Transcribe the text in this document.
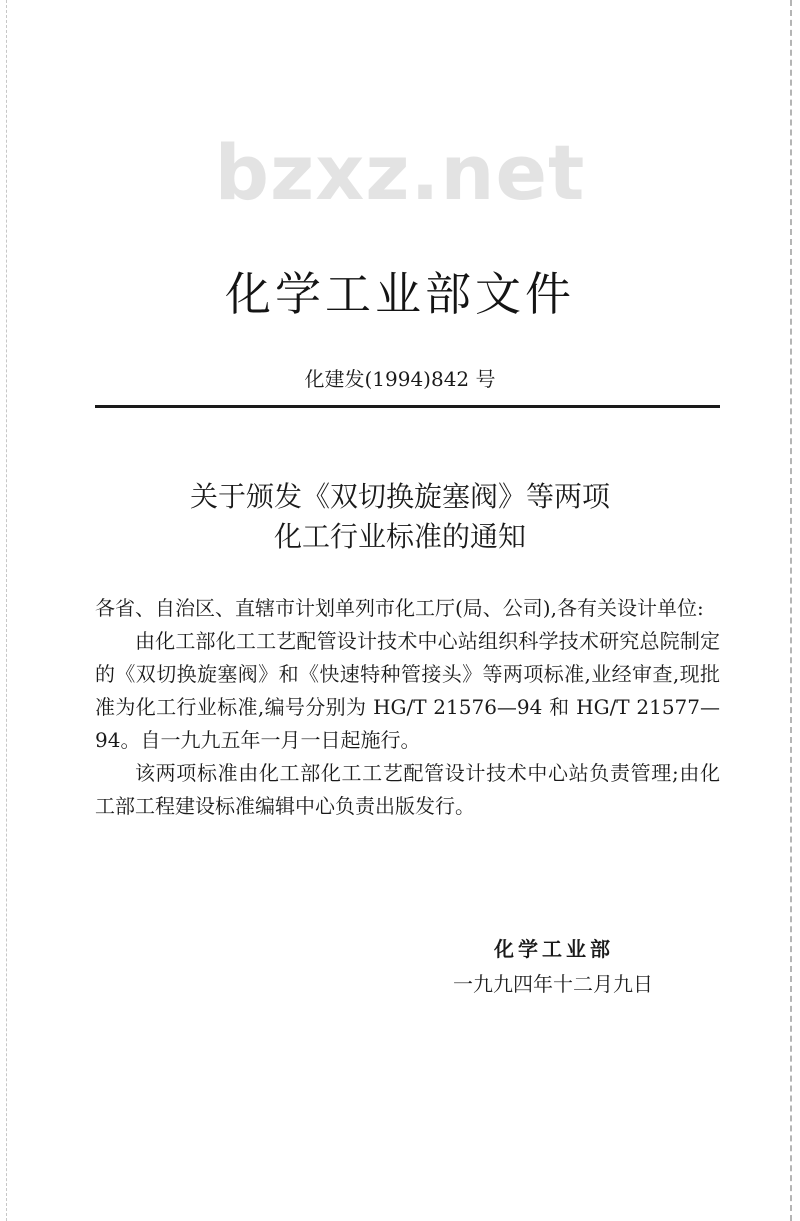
bzxz.net
化学工业部文件
化建发(1994)842 号
关于颁发《双切换旋塞阀》等两项
化工行业标准的通知

各省、自治区、直辖市计划单列市化工厅(局、公司),各有关设计单位:

由化工部化工工艺配管设计技术中心站组织科学技术研究总院制定的《双切换旋塞阀》和《快速特种管接头》等两项标准,业经审查,现批准为化工行业标准,编号分别为 HG/T 21576—94 和 HG/T 21577—94。自一九九五年一月一日起施行。

该两项标准由化工部化工工艺配管设计技术中心站负责管理;由化工部工程建设标准编辑中心负责出版发行。

化学工业部
一九九四年十二月九日
